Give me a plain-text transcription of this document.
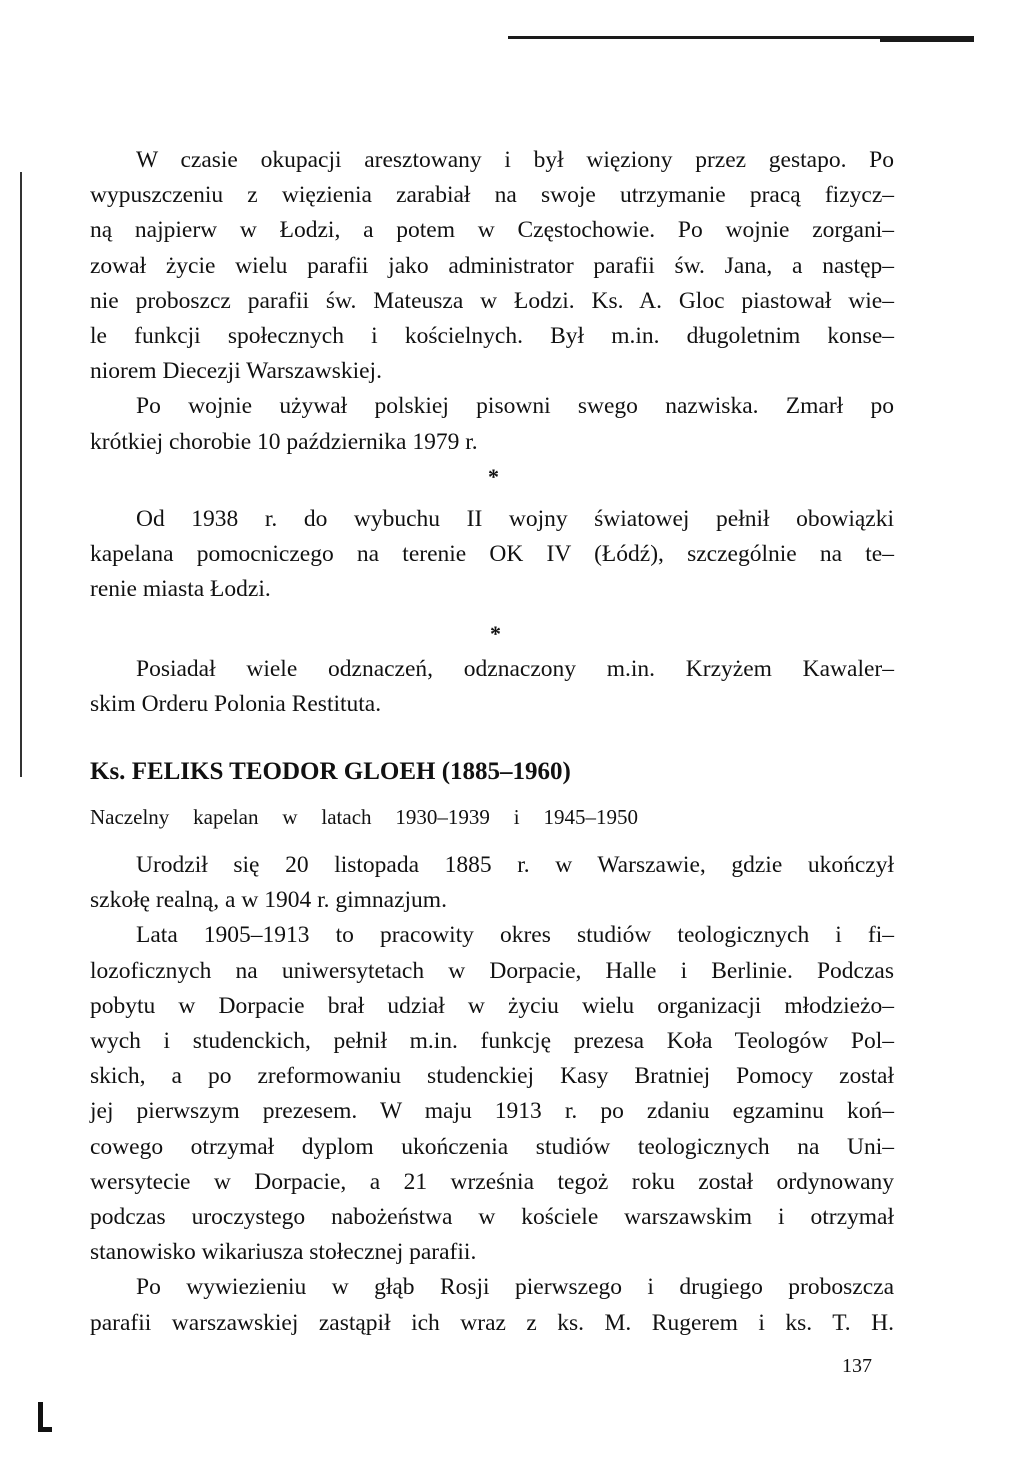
W czasie okupacji aresztowany i był więziony przez gestapo. Po
wypuszczeniu z więzienia zarabiał na swoje utrzymanie pracą fizycz–
ną najpierw w Łodzi, a potem w Częstochowie. Po wojnie zorgani–
zował życie wielu parafii jako administrator parafii św. Jana, a następ–
nie proboszcz parafii św. Mateusza w Łodzi. Ks. A. Gloc piastował wie–
le funkcji społecznych i kościelnych. Był m.in. długoletnim konse–
niorem Diecezji Warszawskiej.
Po wojnie używał polskiej pisowni swego nazwiska. Zmarł po
krótkiej chorobie 10 października 1979 r.
*
Od 1938 r. do wybuchu II wojny światowej pełnił obowiązki
kapelana pomocniczego na terenie OK IV (Łódź), szczególnie na te–
renie miasta Łodzi.
*
Posiadał wiele odznaczeń, odznaczony m.in. Krzyżem Kawaler–
skim Orderu Polonia Restituta.
Ks. FELIKS TEODOR GLOEH (1885–1960)
Naczelny kapelan w latach 1930–1939 i 1945–1950
Urodził się 20 listopada 1885 r. w Warszawie, gdzie ukończył
szkołę realną, a w 1904 r. gimnazjum.
Lata 1905–1913 to pracowity okres studiów teologicznych i fi–
lozoficznych na uniwersytetach w Dorpacie, Halle i Berlinie. Podczas
pobytu w Dorpacie brał udział w życiu wielu organizacji młodzieżo–
wych i studenckich, pełnił m.in. funkcję prezesa Koła Teologów Pol–
skich, a po zreformowaniu studenckiej Kasy Bratniej Pomocy został
jej pierwszym prezesem. W maju 1913 r. po zdaniu egzaminu koń–
cowego otrzymał dyplom ukończenia studiów teologicznych na Uni–
wersytecie w Dorpacie, a 21 września tegoż roku został ordynowany
podczas uroczystego nabożeństwa w kościele warszawskim i otrzymał
stanowisko wikariusza stołecznej parafii.
Po wywiezieniu w głąb Rosji pierwszego i drugiego proboszcza
parafii warszawskiej zastąpił ich wraz z ks. M. Rugerem i ks. T. H.
137
